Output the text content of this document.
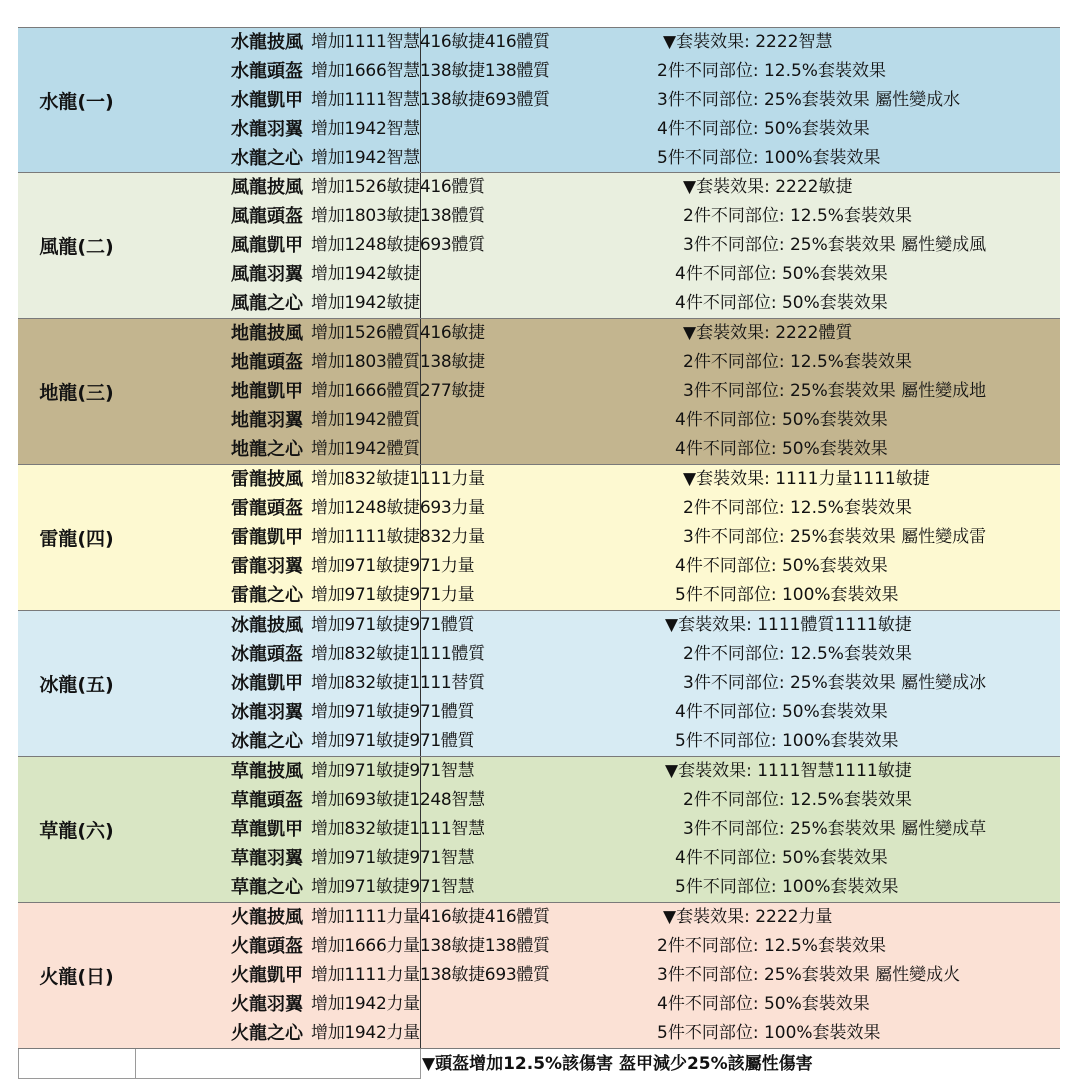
水龍(一)
水龍披風 增加1111智慧416敏捷416體質	▼套裝效果: 2222智慧
水龍頭盔 增加1666智慧138敏捷138體質	2件不同部位: 12.5%套裝效果
水龍凱甲 增加1111智慧138敏捷693體質	3件不同部位: 25%套裝效果 屬性變成水
水龍羽翼 增加1942智慧	4件不同部位: 50%套裝效果
水龍之心 增加1942智慧	5件不同部位: 100%套裝效果
風龍(二)
風龍披風 增加1526敏捷416體質	▼套裝效果: 2222敏捷
風龍頭盔 增加1803敏捷138體質	2件不同部位: 12.5%套裝效果
風龍凱甲 增加1248敏捷693體質	3件不同部位: 25%套裝效果 屬性變成風
風龍羽翼 增加1942敏捷	4件不同部位: 50%套裝效果
風龍之心 增加1942敏捷	4件不同部位: 50%套裝效果
地龍(三)
地龍披風 增加1526體質416敏捷	▼套裝效果: 2222體質
地龍頭盔 增加1803體質138敏捷	2件不同部位: 12.5%套裝效果
地龍凱甲 增加1666體質277敏捷	3件不同部位: 25%套裝效果 屬性變成地
地龍羽翼 增加1942體質	4件不同部位: 50%套裝效果
地龍之心 增加1942體質	4件不同部位: 50%套裝效果
雷龍(四)
雷龍披風 增加832敏捷1111力量	▼套裝效果: 1111力量1111敏捷
雷龍頭盔 增加1248敏捷693力量	2件不同部位: 12.5%套裝效果
雷龍凱甲 增加1111敏捷832力量	3件不同部位: 25%套裝效果 屬性變成雷
雷龍羽翼 增加971敏捷971力量	4件不同部位: 50%套裝效果
雷龍之心 增加971敏捷971力量	5件不同部位: 100%套裝效果
冰龍(五)
冰龍披風 增加971敏捷971體質	▼套裝效果: 1111體質1111敏捷
冰龍頭盔 增加832敏捷1111體質	2件不同部位: 12.5%套裝效果
冰龍凱甲 增加832敏捷1111替質	3件不同部位: 25%套裝效果 屬性變成冰
冰龍羽翼 增加971敏捷971體質	4件不同部位: 50%套裝效果
冰龍之心 增加971敏捷971體質	5件不同部位: 100%套裝效果
草龍(六)
草龍披風 增加971敏捷971智慧	▼套裝效果: 1111智慧1111敏捷
草龍頭盔 增加693敏捷1248智慧	2件不同部位: 12.5%套裝效果
草龍凱甲 增加832敏捷1111智慧	3件不同部位: 25%套裝效果 屬性變成草
草龍羽翼 增加971敏捷971智慧	4件不同部位: 50%套裝效果
草龍之心 增加971敏捷971智慧	5件不同部位: 100%套裝效果
火龍(日)
火龍披風 增加1111力量416敏捷416體質	▼套裝效果: 2222力量
火龍頭盔 增加1666力量138敏捷138體質	2件不同部位: 12.5%套裝效果
火龍凱甲 增加1111力量138敏捷693體質	3件不同部位: 25%套裝效果 屬性變成火
火龍羽翼 增加1942力量	4件不同部位: 50%套裝效果
火龍之心 增加1942力量	5件不同部位: 100%套裝效果
▼頭盔增加12.5%該傷害 盔甲減少25%該屬性傷害
